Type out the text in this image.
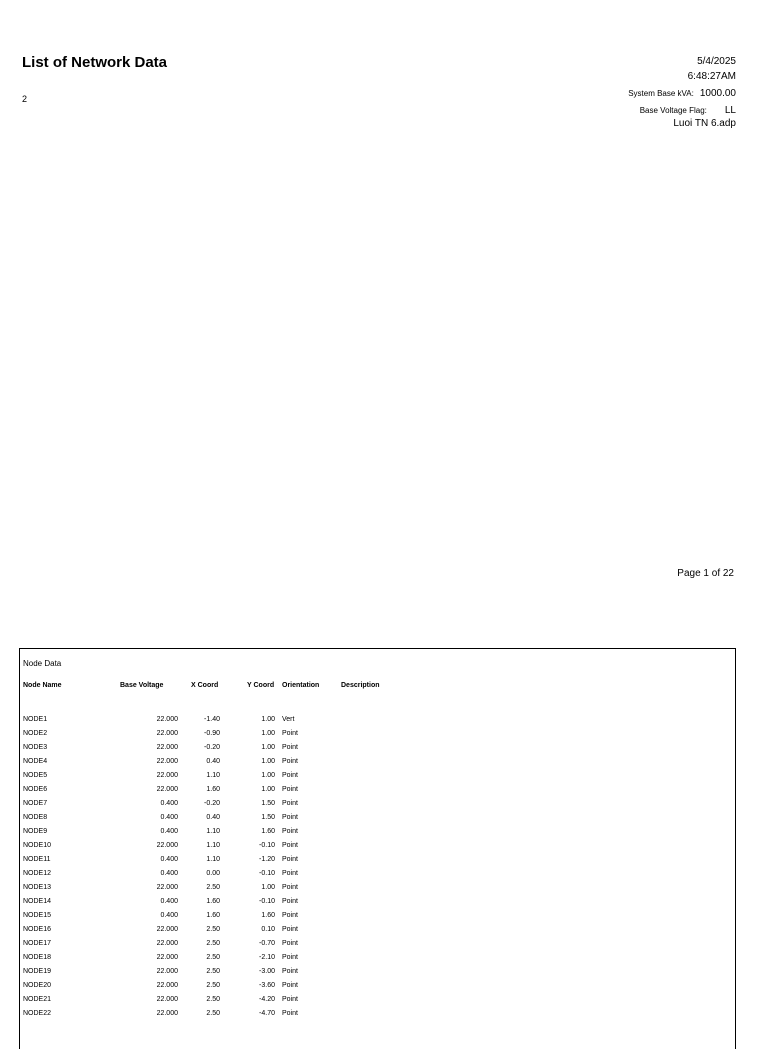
List of Network Data
2
5/4/2025
6:48:27AM
System Base kVA: 1000.00
Base Voltage Flag: LL
Luoi TN 6.adp
Page 1 of 22
Node Data
Node Name	Base Voltage	X Coord	Y Coord Orientation	Description
NODE1	22.000	-1.40	1.00 Vert
NODE2	22.000	-0.90	1.00 Point
NODE3	22.000	-0.20	1.00 Point
NODE4	22.000	0.40	1.00 Point
NODE5	22.000	1.10	1.00 Point
NODE6	22.000	1.60	1.00 Point
NODE7	0.400	-0.20	1.50 Point
NODE8	0.400	0.40	1.50 Point
NODE9	0.400	1.10	1.60 Point
NODE10	22.000	1.10	-0.10 Point
NODE11	0.400	1.10	-1.20 Point
NODE12	0.400	0.00	-0.10 Point
NODE13	22.000	2.50	1.00 Point
NODE14	0.400	1.60	-0.10 Point
NODE15	0.400	1.60	1.60 Point
NODE16	22.000	2.50	0.10 Point
NODE17	22.000	2.50	-0.70 Point
NODE18	22.000	2.50	-2.10 Point
NODE19	22.000	2.50	-3.00 Point
NODE20	22.000	2.50	-3.60 Point
NODE21	22.000	2.50	-4.20 Point
NODE22	22.000	2.50	-4.70 Point
